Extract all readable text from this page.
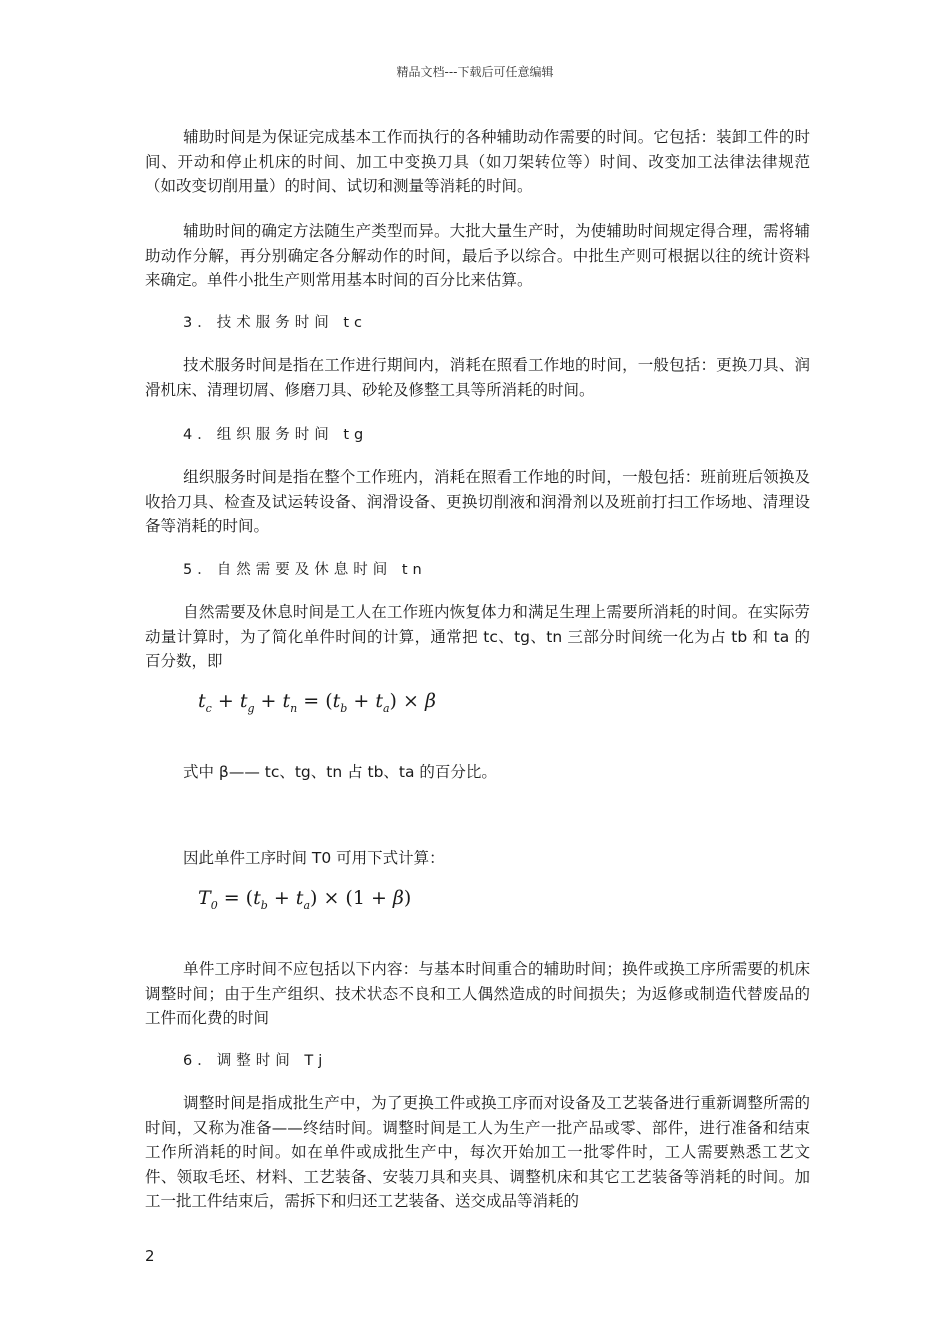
精品文档---下载后可任意编辑

辅助时间是为保证完成基本工作而执行的各种辅助动作需要的时间。它包括：装卸工件的时间、开动和停止机床的时间、加工中变换刀具（如刀架转位等）时间、改变加工法律法律规范（如改变切削用量）的时间、试切和测量等消耗的时间。

辅助时间的确定方法随生产类型而异。大批大量生产时，为使辅助时间规定得合理，需将辅助动作分解，再分别确定各分解动作的时间，最后予以综合。中批生产则可根据以往的统计资料来确定。单件小批生产则常用基本时间的百分比来估算。

3．技术服务时间 tc

技术服务时间是指在工作进行期间内，消耗在照看工作地的时间，一般包括：更换刀具、润滑机床、清理切屑、修磨刀具、砂轮及修整工具等所消耗的时间。

4．组织服务时间 tg

组织服务时间是指在整个工作班内，消耗在照看工作地的时间，一般包括：班前班后领换及收拾刀具、检查及试运转设备、润滑设备、更换切削液和润滑剂以及班前打扫工作场地、清理设备等消耗的时间。

5．自然需要及休息时间 tn

自然需要及休息时间是工人在工作班内恢复体力和满足生理上需要所消耗的时间。在实际劳动量计算时，为了简化单件时间的计算，通常把 tc、tg、tn 三部分时间统一化为占 tb 和 ta 的百分数，即

$t_c + t_g + t_n = (t_b + t_a) \times \beta$

式中 β—— tc、tg、tn 占 tb、ta 的百分比。

因此单件工序时间 T0 可用下式计算：

$T_0 = (t_b + t_a) \times (1 + \beta)$

单件工序时间不应包括以下内容：与基本时间重合的辅助时间；换件或换工序所需要的机床调整时间；由于生产组织、技术状态不良和工人偶然造成的时间损失；为返修或制造代替废品的工件而化费的时间

6．调整时间 Tj

调整时间是指成批生产中，为了更换工件或换工序而对设备及工艺装备进行重新调整所需的时间，又称为准备——终结时间。调整时间是工人为生产一批产品或零、部件，进行准备和结束工作所消耗的时间。如在单件或成批生产中，每次开始加工一批零件时，工人需要熟悉工艺文件、领取毛坯、材料、工艺装备、安装刀具和夹具、调整机床和其它工艺装备等消耗的时间。加工一批工件结束后，需拆下和归还工艺装备、送交成品等消耗的

2
